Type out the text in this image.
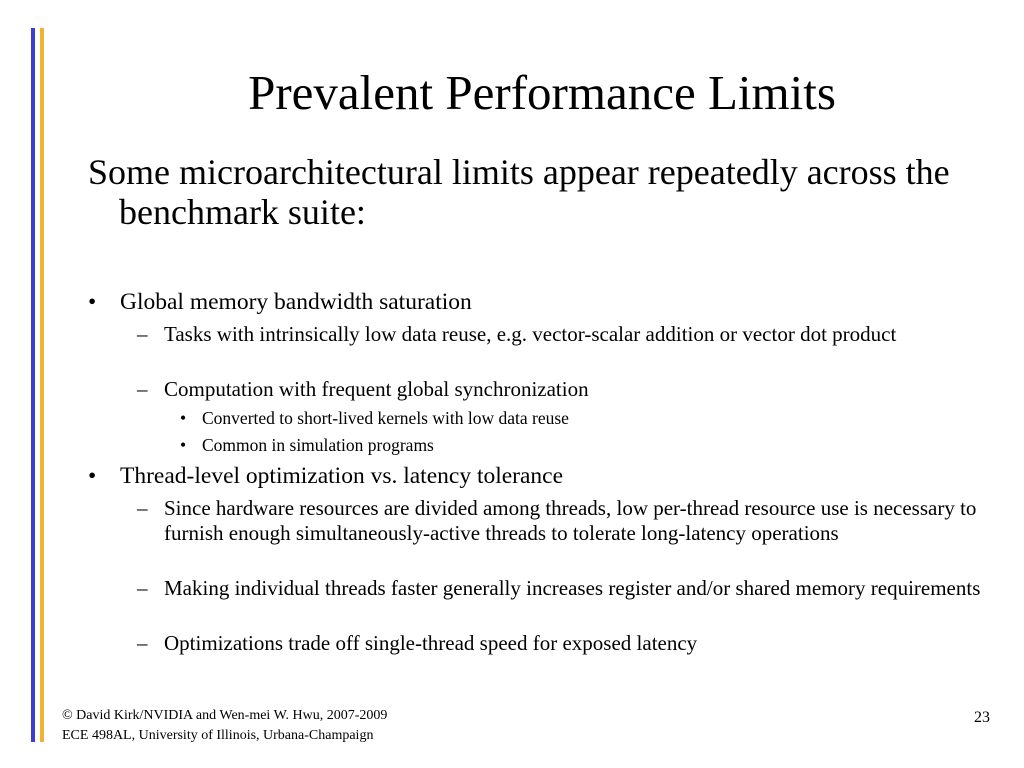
Prevalent Performance Limits
Some microarchitectural limits appear repeatedly across the benchmark suite:
• Global memory bandwidth saturation
– Tasks with intrinsically low data reuse, e.g. vector-scalar addition or vector dot product
– Computation with frequent global synchronization
• Converted to short-lived kernels with low data reuse
• Common in simulation programs
• Thread-level optimization vs. latency tolerance
– Since hardware resources are divided among threads, low per-thread resource use is necessary to furnish enough simultaneously-active threads to tolerate long-latency operations
– Making individual threads faster generally increases register and/or shared memory requirements
– Optimizations trade off single-thread speed for exposed latency
© David Kirk/NVIDIA and Wen-mei W. Hwu, 2007-2009
ECE 498AL, University of Illinois, Urbana-Champaign
23
